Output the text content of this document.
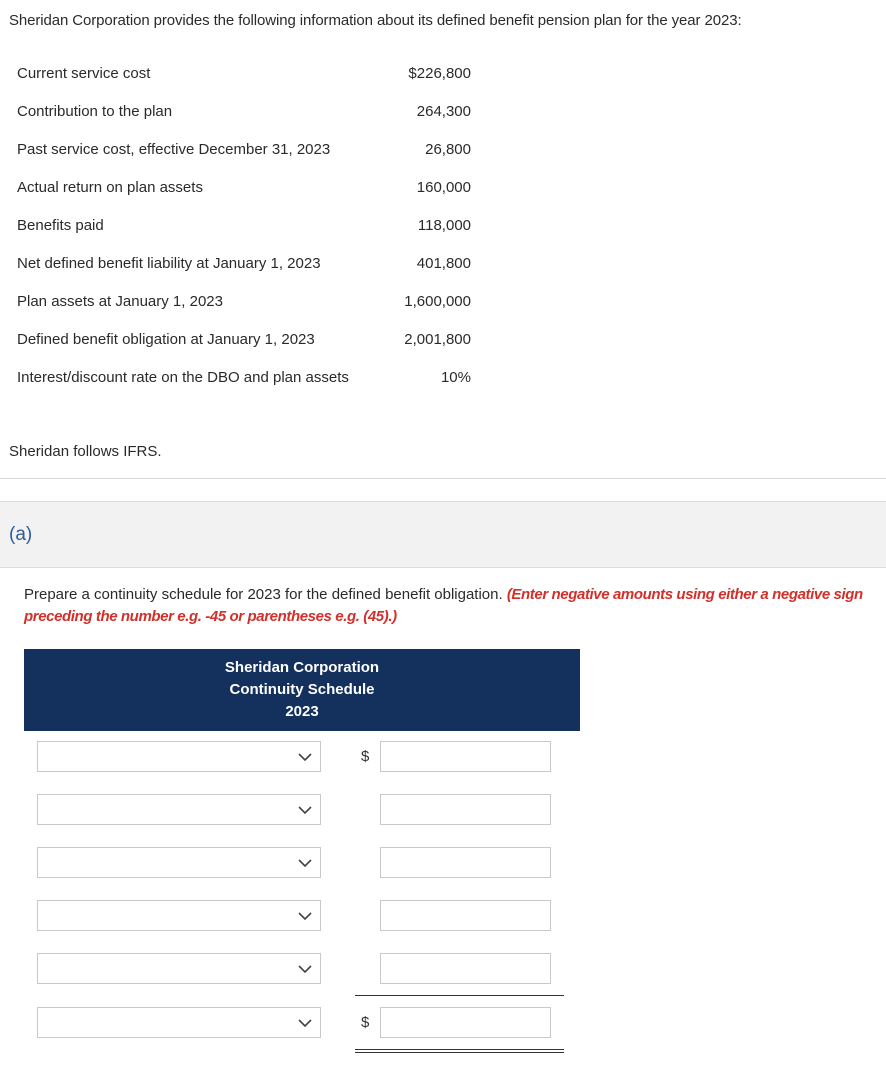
Sheridan Corporation provides the following information about its defined benefit pension plan for the year 2023:
Current service cost	$226,800
Contribution to the plan	264,300
Past service cost, effective December 31, 2023	26,800
Actual return on plan assets	160,000
Benefits paid	118,000
Net defined benefit liability at January 1, 2023	401,800
Plan assets at January 1, 2023	1,600,000
Defined benefit obligation at January 1, 2023	2,001,800
Interest/discount rate on the DBO and plan assets	10%
Sheridan follows IFRS.
(a)
Prepare a continuity schedule for 2023 for the defined benefit obligation. (Enter negative amounts using either a negative sign preceding the number e.g. -45 or parentheses e.g. (45).)
Sheridan Corporation
Continuity Schedule
2023
$
$
